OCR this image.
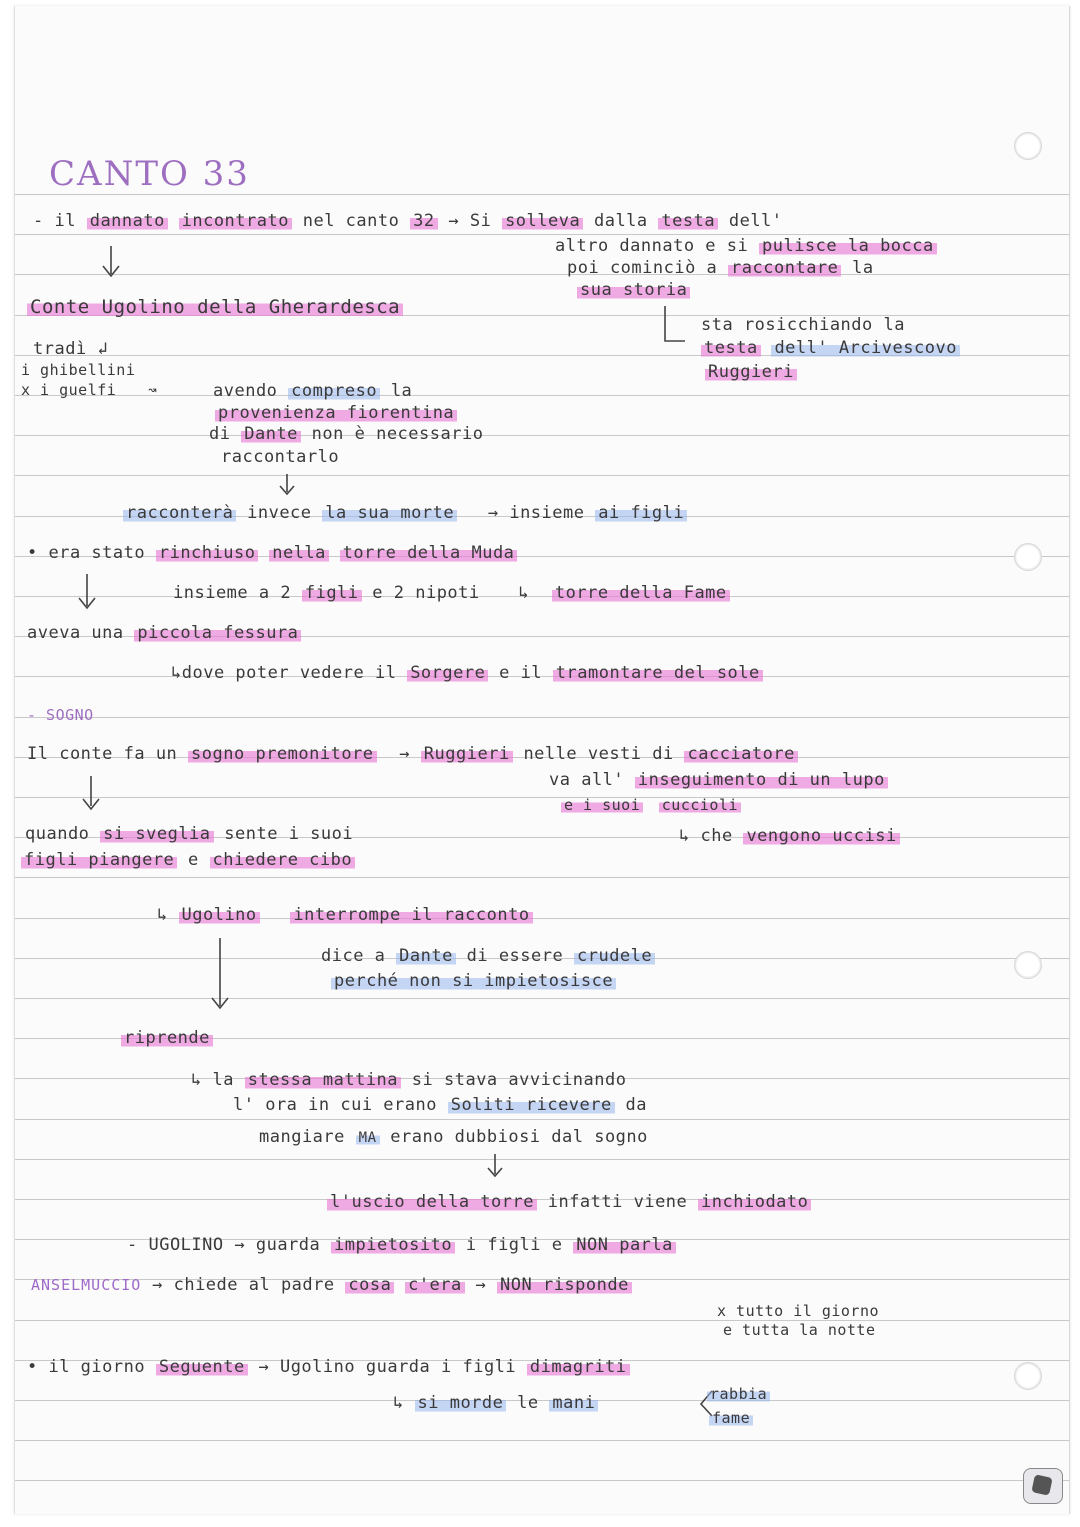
CANTO 33
- il dannato incontrato nel canto 32 → Si solleva dalla testa dell'
altro dannato e si pulisce la bocca
poi cominciò a raccontare la
sua storia
Conte Ugolino della Gherardesca
sta rosicchiando la
tradì ↲	testa dell' Arcivescovo
i ghibellini	Ruggieri
x i guelfi ↝	avendo compreso la
provenienza fiorentina
di Dante non è necessario
raccontarlo
racconterà invece la sua morte → insieme ai figli
• era stato rinchiuso nella torre della Muda
insieme a 2 figli e 2 nipoti ↳ torre della Fame
aveva una piccola fessura
↳dove poter vedere il Sorgere e il tramontare del sole
- SOGNO
Il conte fa un sogno premonitore → Ruggieri nelle vesti di cacciatore
va all' inseguimento di un lupo
e i suoi cuccioli
quando si sveglia sente i suoi	↳ che vengono uccisi
figli piangere e chiedere cibo
↳ Ugolino interrompe il racconto
dice a Dante di essere crudele
perché non si impietosisce
riprende
↳ la stessa mattina si stava avvicinando
l' ora in cui erano Soliti ricevere da
mangiare MA erano dubbiosi dal sogno
l'uscio della torre infatti viene inchiodato
- UGOLINO → guarda impietosito i figli e NON parla
ANSELMUCCIO → chiede al padre cosa c'era → NON risponde
x tutto il giorno
e tutta la notte
• il giorno Seguente → Ugolino guarda i figli dimagriti
↳ si morde le mani	rabbia
fame
